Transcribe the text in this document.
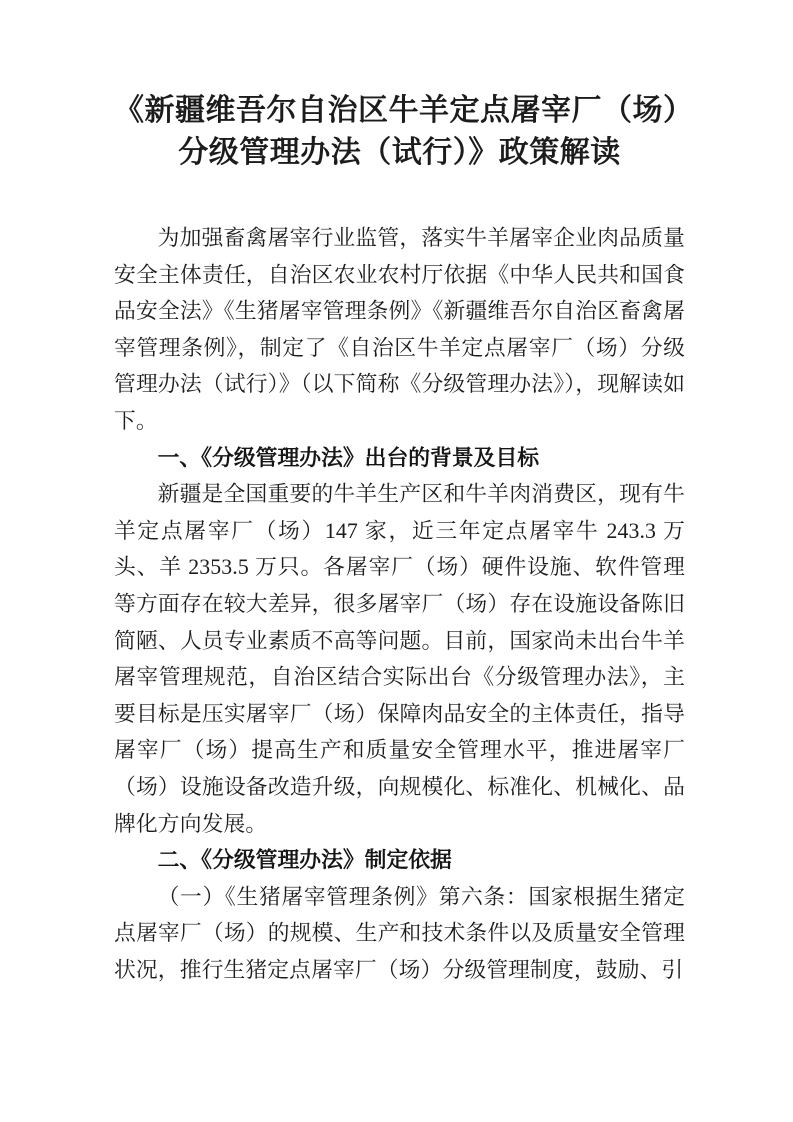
《新疆维吾尔自治区牛羊定点屠宰厂（场）
分级管理办法（试行）》政策解读

为加强畜禽屠宰行业监管，落实牛羊屠宰企业肉品质量安全主体责任，自治区农业农村厅依据《中华人民共和国食品安全法》《生猪屠宰管理条例》《新疆维吾尔自治区畜禽屠宰管理条例》，制定了《自治区牛羊定点屠宰厂（场）分级管理办法（试行）》（以下简称《分级管理办法》），现解读如下。

一、《分级管理办法》出台的背景及目标

新疆是全国重要的牛羊生产区和牛羊肉消费区，现有牛羊定点屠宰厂（场）147 家，近三年定点屠宰牛 243.3 万头、羊 2353.5 万只。各屠宰厂（场）硬件设施、软件管理等方面存在较大差异，很多屠宰厂（场）存在设施设备陈旧简陋、人员专业素质不高等问题。目前，国家尚未出台牛羊屠宰管理规范，自治区结合实际出台《分级管理办法》，主要目标是压实屠宰厂（场）保障肉品安全的主体责任，指导屠宰厂（场）提高生产和质量安全管理水平，推进屠宰厂（场）设施设备改造升级，向规模化、标准化、机械化、品牌化方向发展。

二、《分级管理办法》制定依据

（一）《生猪屠宰管理条例》第六条：国家根据生猪定点屠宰厂（场）的规模、生产和技术条件以及质量安全管理状况，推行生猪定点屠宰厂（场）分级管理制度，鼓励、引
